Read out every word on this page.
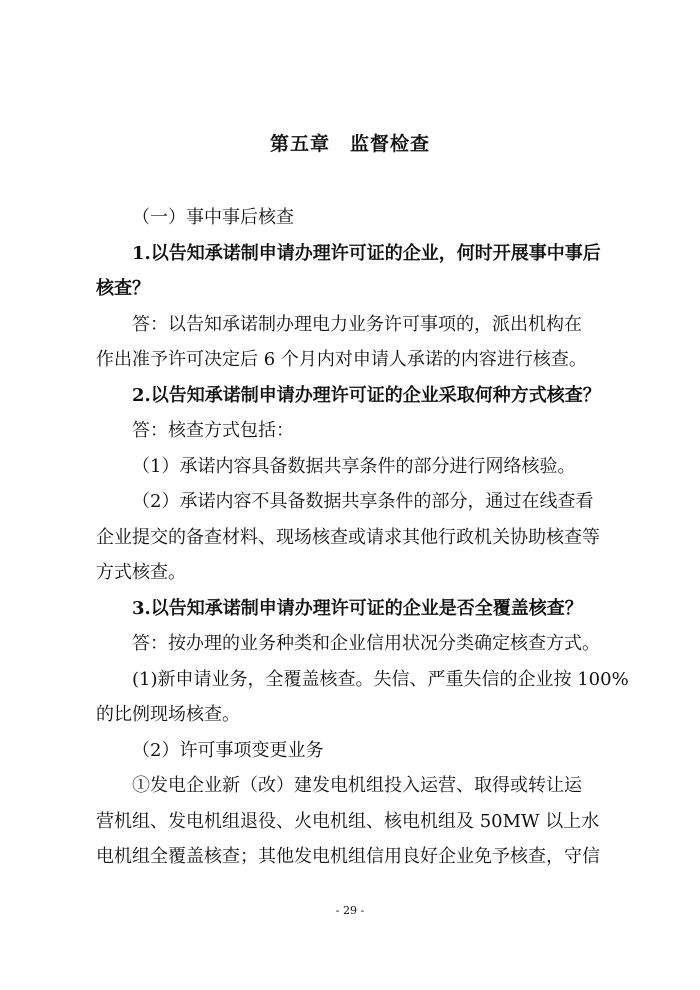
第五章　监督检查
（一）事中事后核查
1.以告知承诺制申请办理许可证的企业，何时开展事中事后
核查？
答：以告知承诺制办理电力业务许可事项的，派出机构在
作出准予许可决定后 6 个月内对申请人承诺的内容进行核查。
2.以告知承诺制申请办理许可证的企业采取何种方式核查？
答：核查方式包括：
（1）承诺内容具备数据共享条件的部分进行网络核验。
（2）承诺内容不具备数据共享条件的部分，通过在线查看
企业提交的备查材料、现场核查或请求其他行政机关协助核查等
方式核查。
3.以告知承诺制申请办理许可证的企业是否全覆盖核查？
答：按办理的业务种类和企业信用状况分类确定核查方式。
(1)新申请业务，全覆盖核查。失信、严重失信的企业按 100%
的比例现场核查。
（2）许可事项变更业务
①发电企业新（改）建发电机组投入运营、取得或转让运
营机组、发电机组退役、火电机组、核电机组及 50MW 以上水
电机组全覆盖核查；其他发电机组信用良好企业免予核查，守信
- 29 -
